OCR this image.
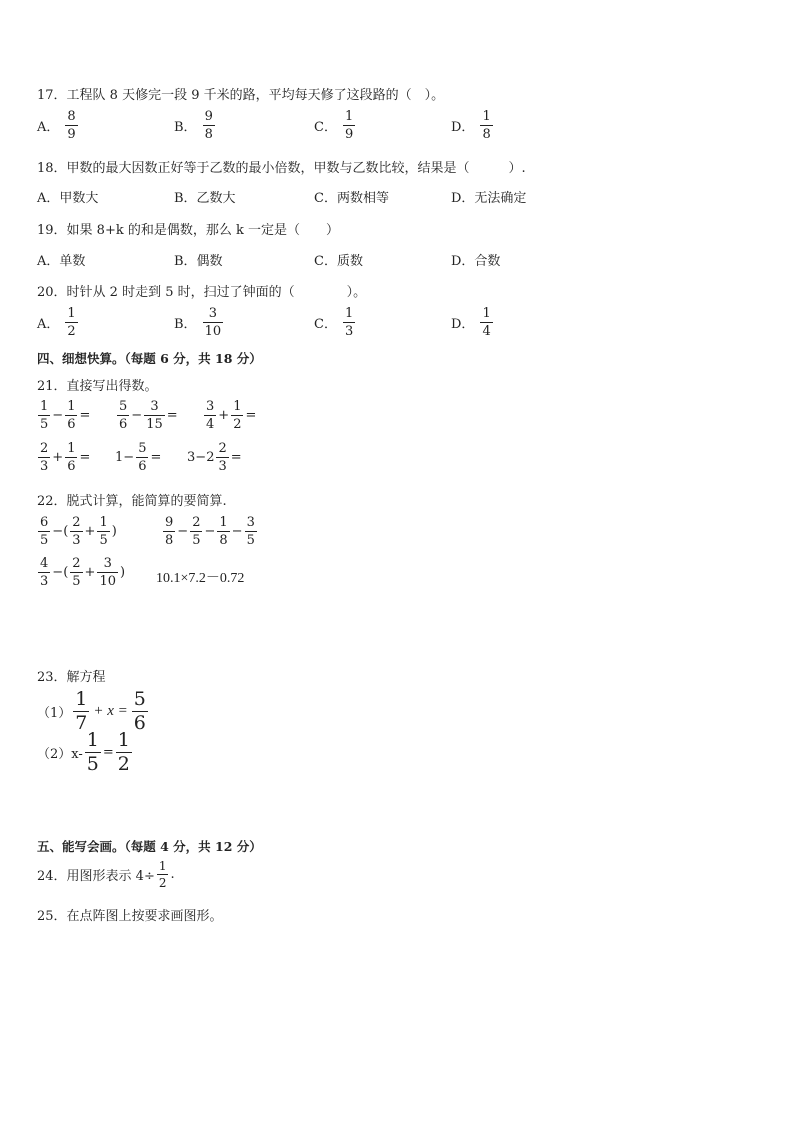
17．工程队 8 天修完一段 9 千米的路，平均每天修了这段路的（　）。
A． $\frac{8}{9}$	B． $\frac{9}{8}$	C． $\frac{1}{9}$	D． $\frac{1}{8}$
18．甲数的最大因数正好等于乙数的最小倍数，甲数与乙数比较，结果是（　　　）.
A．甲数大	B．乙数大	C．两数相等	D．无法确定
19．如果 8+k 的和是偶数，那么 k 一定是（　　）
A．单数	B．偶数	C．质数	D．合数
20．时针从 2 时走到 5 时，扫过了钟面的（　　　　）。
A． $\frac{1}{2}$	B． $\frac{3}{10}$	C． $\frac{1}{3}$	D． $\frac{1}{4}$
四、细想快算。（每题 6 分，共 18 分）
21．直接写出得数。
$\frac{1}{5} - \frac{1}{6} = \frac{5}{6} - \frac{3}{15} = \frac{3}{4} + \frac{1}{2}$ =
$\frac{2}{3} + \frac{1}{6} = 1 - \frac{5}{6} = 3 - 2 \frac{2}{3}$ =
22．脱式计算，能简算的要简算.
$\frac{6}{5}$ − ( $\frac{2}{3} + \frac{1}{5}$ )	$\frac{9}{8} - \frac{2}{5} - \frac{1}{8} - \frac{3}{5}$
$\frac{4}{3}$ − ( $\frac{2}{5} + \frac{3}{10}$ ) 10.1×7.2－0.72
23．解方程
$(1) \frac{1}{7} + x = \frac{5}{6}$
$(2)x- \frac{1}{5} = \frac{1}{2}$
五、能写会画。（每题 4 分，共 12 分）
24．用图形表示 $4\div \frac{1}{2}$ .
25．在点阵图上按要求画图形。
